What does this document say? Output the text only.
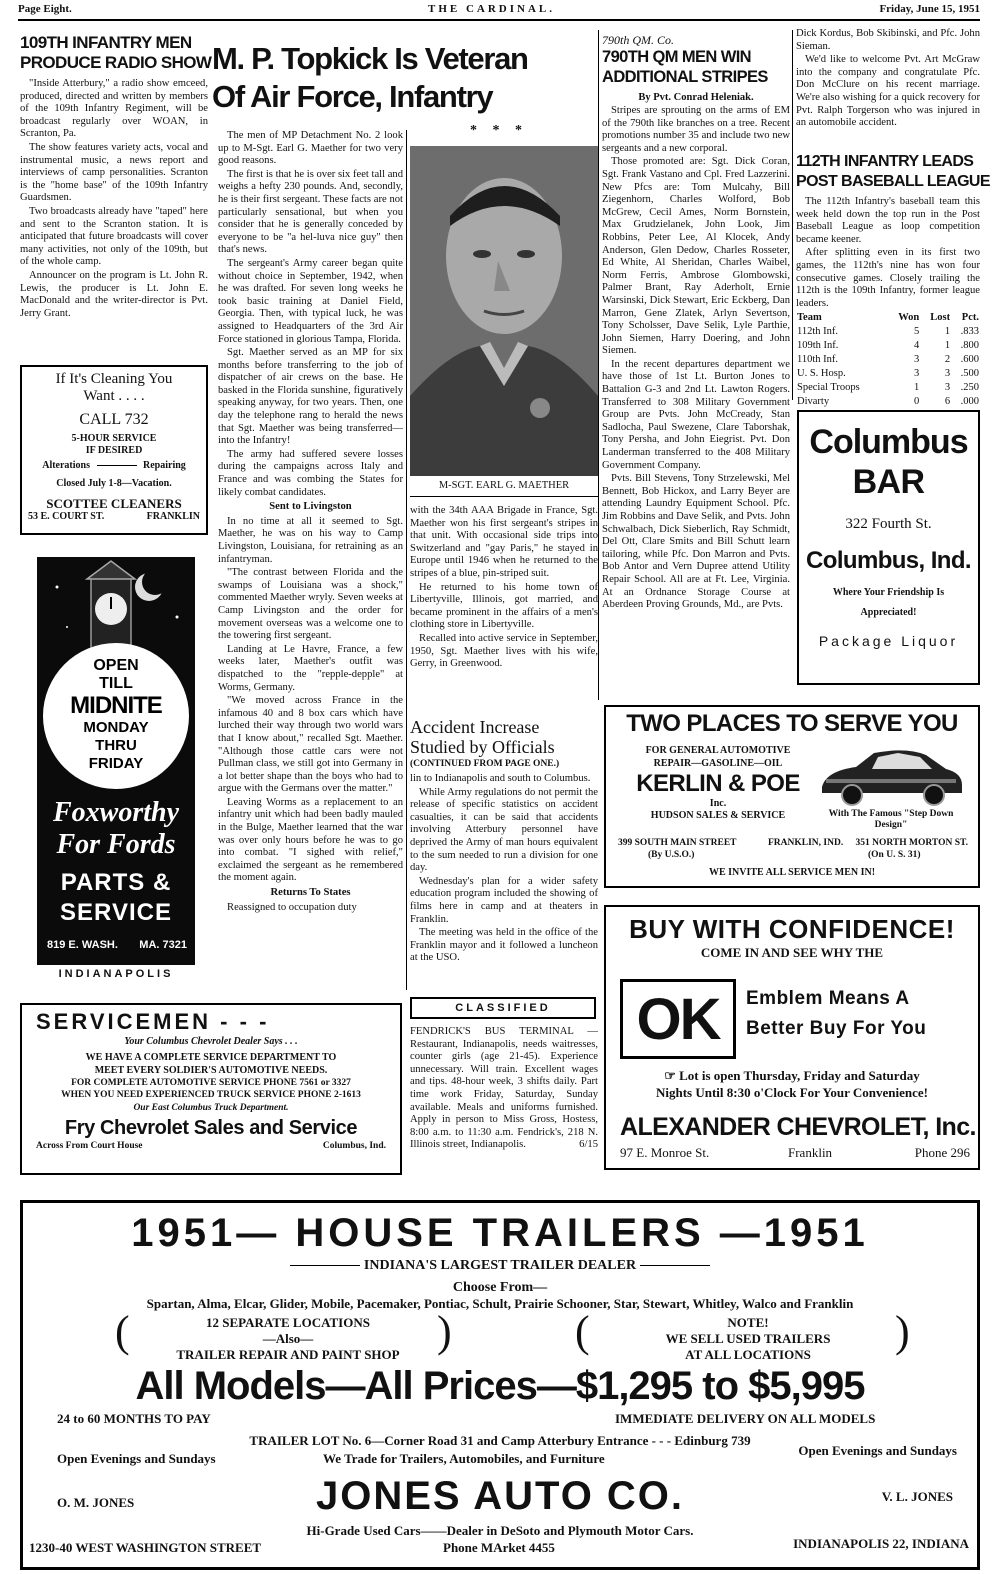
Page Eight.	THE CARDINAL.	Friday, June 15, 1951
109TH INFANTRY MEN
PRODUCE RADIO SHOW

"Inside Atterbury," a radio show emceed, produced, directed and written by members of the 109th Infantry Regiment, will be broadcast regularly over WOAN, in Scranton, Pa.

The show features variety acts, vocal and instrumental music, a news report and interviews of camp personalities. Scranton is the "home base" of the 109th Infantry Guardsmen.

Two broadcasts already have "taped" here and sent to the Scranton station. It is anticipated that future broadcasts will cover many activities, not only of the 109th, but of the whole camp.

Announcer on the program is Lt. John R. Lewis, the producer is Lt. John E. MacDonald and the writer-director is Pvt. Jerry Grant.

If It's Cleaning You
Want . . . .
CALL 732
5-HOUR SERVICE
IF DESIRED
Alterations	Repairing
Closed July 1-8—Vacation.
SCOTTEE CLEANERS
53 E. COURT ST.	FRANKLIN
OPEN
TILL
MIDNITE
MONDAY
THRU
FRIDAY
Foxworthy
For Fords
PARTS &
SERVICE
819 E. WASH. MA. 7321
INDIANAPOLIS
M. P. Topkick Is Veteran
Of Air Force, Infantry
* * *

The men of MP Detachment No. 2 look up to M-Sgt. Earl G. Maether for two very good reasons.

The first is that he is over six feet tall and weighs a hefty 230 pounds. And, secondly, he is their first sergeant. These facts are not particularly sensational, but when you consider that he is generally conceded by everyone to be "a hel-luva nice guy" then that's news.

The sergeant's Army career began quite without choice in September, 1942, when he was drafted. For seven long weeks he took basic training at Daniel Field, Georgia. Then, with typical luck, he was assigned to Headquarters of the 3rd Air Force stationed in glorious Tampa, Florida.

Sgt. Maether served as an MP for six months before transferring to the job of dispatcher of air crews on the base. He basked in the Florida sunshine, figuratively speaking anyway, for two years. Then, one day the telephone rang to herald the news that Sgt. Maether was being transferred—into the Infantry!

The army had suffered severe losses during the campaigns across Italy and France and was combing the States for likely combat candidates.

Sent to Livingston

In no time at all it seemed to Sgt. Maether, he was on his way to Camp Livingston, Louisiana, for retraining as an infantryman.

"The contrast between Florida and the swamps of Louisiana was a shock," commented Maether wryly. Seven weeks at Camp Livingston and the order for movement overseas was a welcome one to the towering first sergeant.

Landing at Le Havre, France, a few weeks later, Maether's outfit was dispatched to the "repple-depple" at Worms, Germany.

"We moved across France in the infamous 40 and 8 box cars which have lurched their way through two world wars that I know about," recalled Sgt. Maether. "Although those cattle cars were not Pullman class, we still got into Germany in a lot better shape than the boys who had to argue with the Germans over the matter."

Leaving Worms as a replacement to an infantry unit which had been badly mauled in the Bulge, Maether learned that the war was over only hours before he was to go into combat. "I sighed with relief," exclaimed the sergeant as he remembered the moment again.

Returns To States

Reassigned to occupation duty

M-SGT. EARL G. MAETHER

with the 34th AAA Brigade in France, Sgt. Maether won his first sergeant's stripes in that unit. With occasional side trips into Switzerland and "gay Paris," he stayed in Europe until 1946 when he returned to the stripes of a blue, pin-striped suit.

He returned to his home town of Libertyville, Illinois, got married, and became prominent in the affairs of a men's clothing store in Libertyville.

Recalled into active service in September, 1950, Sgt. Maether lives with his wife, Gerry, in Greenwood.

Accident Increase
Studied by Officials
(CONTINUED FROM PAGE ONE.)

lin to Indianapolis and south to Columbus.

While Army regulations do not permit the release of specific statistics on accident casualties, it can be said that accidents involving Atterbury personnel have deprived the Army of man hours equivalent to the sum needed to run a division for one day.

Wednesday's plan for a wider safety education program included the showing of films here in camp and at theaters in Franklin.

The meeting was held in the office of the Franklin mayor and it followed a luncheon at the USO.

CLASSIFIED
FENDRICK'S BUS TERMINAL — Restaurant, Indianapolis, needs waitresses, counter girls (age 21-45). Experience unnecessary. Will train. Excellent wages and tips. 48-hour week, 3 shifts daily. Part time work Friday, Saturday, Sunday available. Meals and uniforms furnished. Apply in person to Miss Gross, Hostess, 8:00 a.m. to 11:30 a.m. Fendrick's, 218 N. Illinois street, Indianapolis.	6/15
SERVICEMEN - - -
Your Columbus Chevrolet Dealer Says . . .
WE HAVE A COMPLETE SERVICE DEPARTMENT TO
MEET EVERY SOLDIER'S AUTOMOTIVE NEEDS.
FOR COMPLETE AUTOMOTIVE SERVICE PHONE 7561 or 3327
WHEN YOU NEED EXPERIENCED TRUCK SERVICE PHONE 2-1613
Our East Columbus Truck Department.
Fry Chevrolet Sales and Service
Across From Court House	Columbus, Ind.
790th QM. Co.
790TH QM MEN WIN
ADDITIONAL STRIPES
By Pvt. Conrad Heleniak.

Stripes are sprouting on the arms of EM of the 790th like branches on a tree. Recent promotions number 35 and include two new sergeants and a new corporal.

Those promoted are: Sgt. Dick Coran, Sgt. Frank Vastano and Cpl. Fred Lazzerini. New Pfcs are: Tom Mulcahy, Bill Ziegenhorn, Charles Wolford, Bob McGrew, Cecil Ames, Norm Bornstein, Max Grudzielanek, John Look, Jim Robbins, Peter Lee, Al Klocek, Andy Anderson, Glen Dedow, Charles Rosseter, Ed White, Al Sheridan, Charles Waibel, Norm Ferris, Ambrose Glombowski, Palmer Brant, Ray Aderholt, Ernie Warsinski, Dick Stewart, Eric Eckberg, Dan Marron, Gene Zlatek, Arlyn Severtson, Tony Scholsser, Dave Selik, Lyle Parthie, John Siemen, Harry Doering, and John Siemen.

In the recent departures department we have those of 1st Lt. Burton Jones to Battalion G-3 and 2nd Lt. Lawton Rogers. Transferred to 308 Military Government Group are Pvts. John McCready, Stan Sadlocha, Paul Swezene, Clare Taborshak, Tony Persha, and John Eiegrist. Pvt. Don Landerman transferred to the 408 Military Government Company.

Pvts. Bill Stevens, Tony Strzelewski, Mel Bennett, Bob Hickox, and Larry Beyer are attending Laundry Equipment School. Pfc. Jim Robbins and Dave Selik, and Pvts. John Schwalbach, Dick Sieberlich, Ray Schmidt, Del Ott, Clare Smits and Bill Schutt learn tailoring, while Pfc. Don Marron and Pvts. Bob Antor and Vern Dupree attend Utility Repair School. All are at Ft. Lee, Virginia. At an Ordnance Storage Course at Aberdeen Proving Grounds, Md., are Pvts.

Dick Kordus, Bob Skibinski, and Pfc. John Sieman.

We'd like to welcome Pvt. Art McGraw into the company and congratulate Pfc. Don McClure on his recent marriage. We're also wishing for a quick recovery for Pvt. Ralph Torgerson who was injured in an automobile accident.

112TH INFANTRY LEADS
POST BASEBALL LEAGUE

The 112th Infantry's baseball team this week held down the top run in the Post Baseball League as loop competition became keener.

After splitting even in its first two games, the 112th's nine has won four consecutive games. Closely trailing the 112th is the 109th Infantry, former league leaders.

Team	Won	Lost	Pct.
112th Inf.	5	1	.833
109th Inf.	4	1	.800
110th Inf.	3	2	.600
U. S. Hosp.	3	3	.500
Special Troops	1	3	.250
Divarty	0	6	.000
Columbus
BAR
322 Fourth St.
Columbus, Ind.
Where Your Friendship Is
Appreciated!
Package Liquor
TWO PLACES TO SERVE YOU
FOR GENERAL AUTOMOTIVE
REPAIR—GASOLINE—OIL
KERLIN & POE
Inc.
HUDSON SALES & SERVICE	With The Famous "Step Down
Design"
399 SOUTH MAIN STREET	FRANKLIN, IND. 351 NORTH MORTON ST.
(By U.S.O.)	(On U. S. 31)
WE INVITE ALL SERVICE MEN IN!
BUY WITH CONFIDENCE!
COME IN AND SEE WHY THE
OK	Emblem Means A
Better Buy For You
☞ Lot is open Thursday, Friday and Saturday
Nights Until 8:30 o'Clock For Your Convenience!
ALEXANDER CHEVROLET, Inc.
97 E. Monroe St.	Franklin	Phone 296
1951— HOUSE TRAILERS —1951
INDIANA'S LARGEST TRAILER DEALER
Choose From—
Spartan, Alma, Elcar, Glider, Mobile, Pacemaker, Pontiac, Schult, Prairie Schooner, Star, Stewart, Whitley, Walco and Franklin
(	12 SEPARATE LOCATIONS
—Also—
TRAILER REPAIR AND PAINT SHOP )	(	NOTE!
WE SELL USED TRAILERS
AT ALL LOCATIONS	)
All Models—All Prices—$1,295 to $5,995
24 to 60 MONTHS TO PAY	IMMEDIATE DELIVERY ON ALL MODELS
TRAILER LOT No. 6—Corner Road 31 and Camp Atterbury Entrance - - - Edinburg 739
Open Evenings and Sundays	We Trade for Trailers, Automobiles, and Furniture
Open Evenings and Sundays
O. M. JONES	JONES AUTO CO.	V. L. JONES
Hi-Grade Used Cars——Dealer in DeSoto and Plymouth Motor Cars.
1230-40 WEST WASHINGTON STREET	Phone MArket 4455	INDIANAPOLIS 22, INDIANA
